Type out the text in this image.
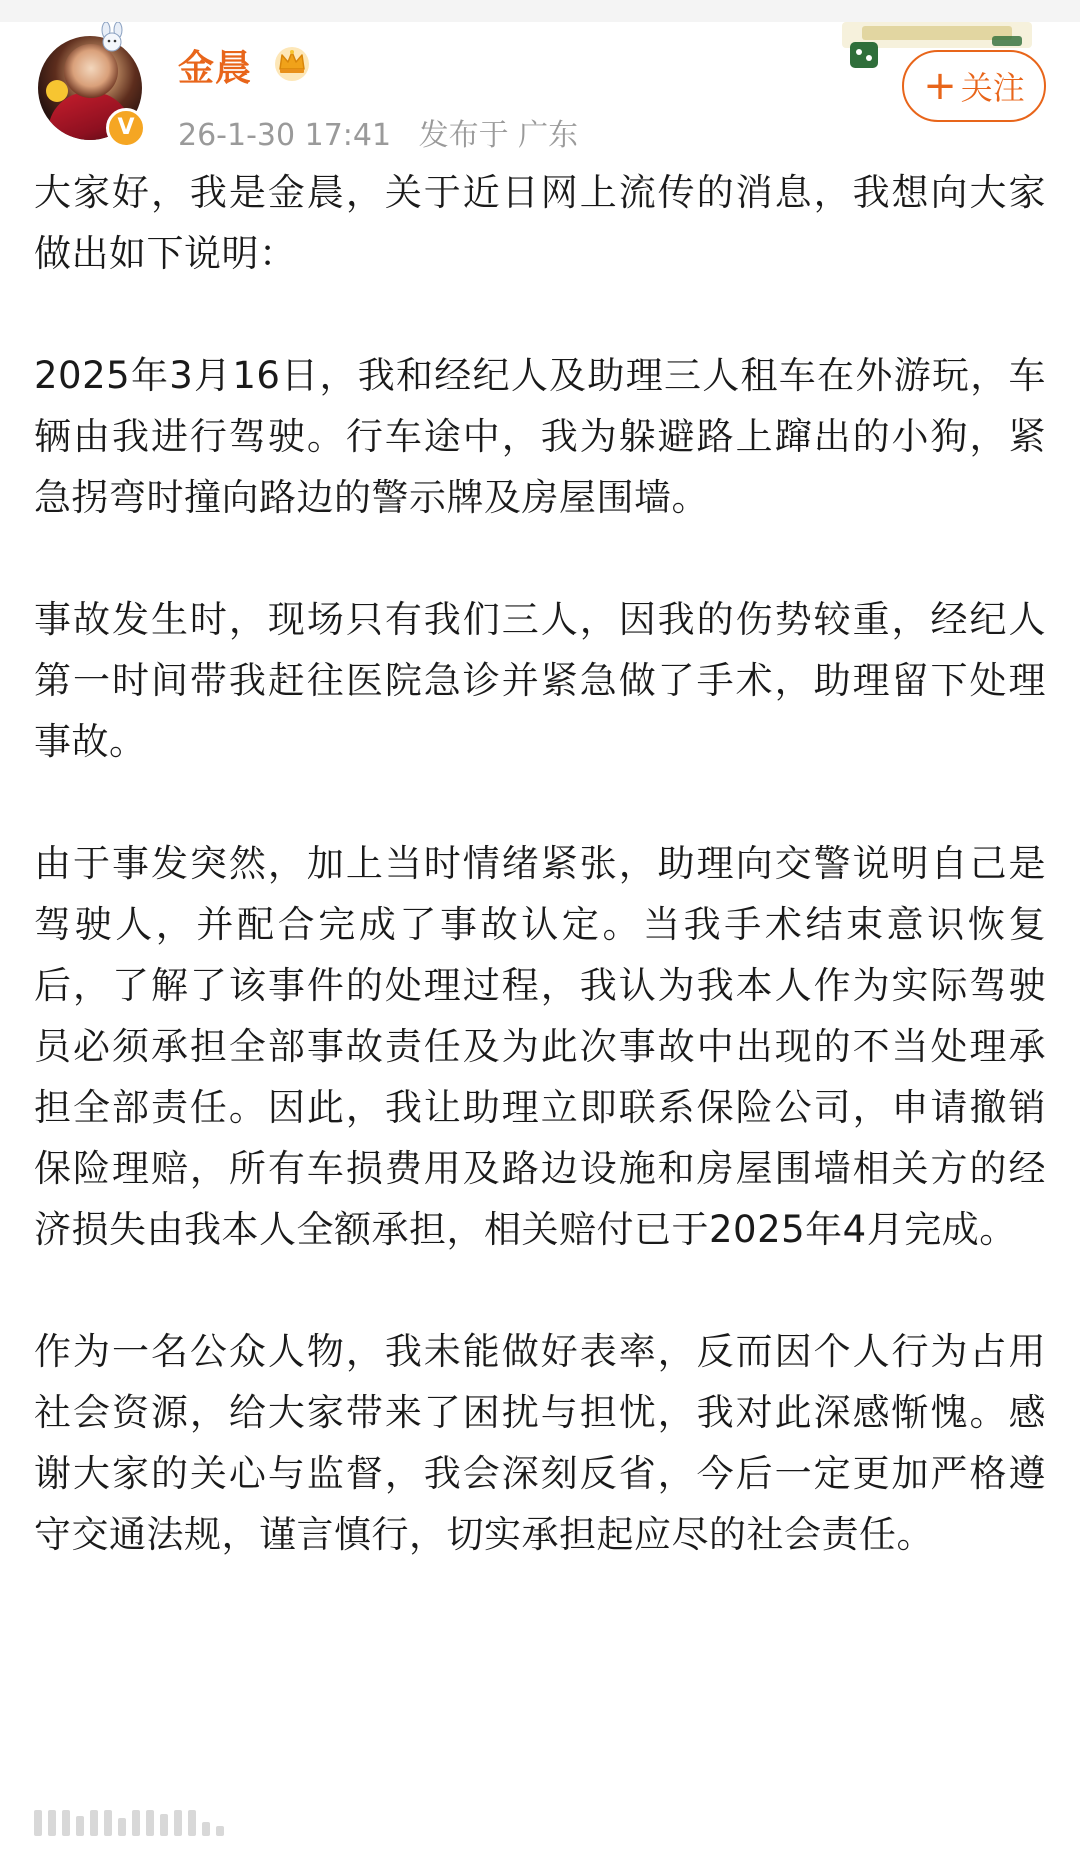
V
金晨
26-1-30 17:41 发布于 广东
+ 关注

大家好，我是金晨，关于近日网上流传的消息，我想向大家做出如下说明：

2025年3月16日，我和经纪人及助理三人租车在外游玩，车辆由我进行驾驶。行车途中，我为躲避路上蹿出的小狗，紧急拐弯时撞向路边的警示牌及房屋围墙。

事故发生时，现场只有我们三人，因我的伤势较重，经纪人第一时间带我赶往医院急诊并紧急做了手术，助理留下处理事故。

由于事发突然，加上当时情绪紧张，助理向交警说明自己是驾驶人，并配合完成了事故认定。当我手术结束意识恢复后，了解了该事件的处理过程，我认为我本人作为实际驾驶员必须承担全部事故责任及为此次事故中出现的不当处理承担全部责任。因此，我让助理立即联系保险公司，申请撤销保险理赔，所有车损费用及路边设施和房屋围墙相关方的经济损失由我本人全额承担，相关赔付已于2025年4月完成。

作为一名公众人物，我未能做好表率，反而因个人行为占用社会资源，给大家带来了困扰与担忧，我对此深感惭愧。感谢大家的关心与监督，我会深刻反省，今后一定更加严格遵守交通法规，谨言慎行，切实承担起应尽的社会责任。
